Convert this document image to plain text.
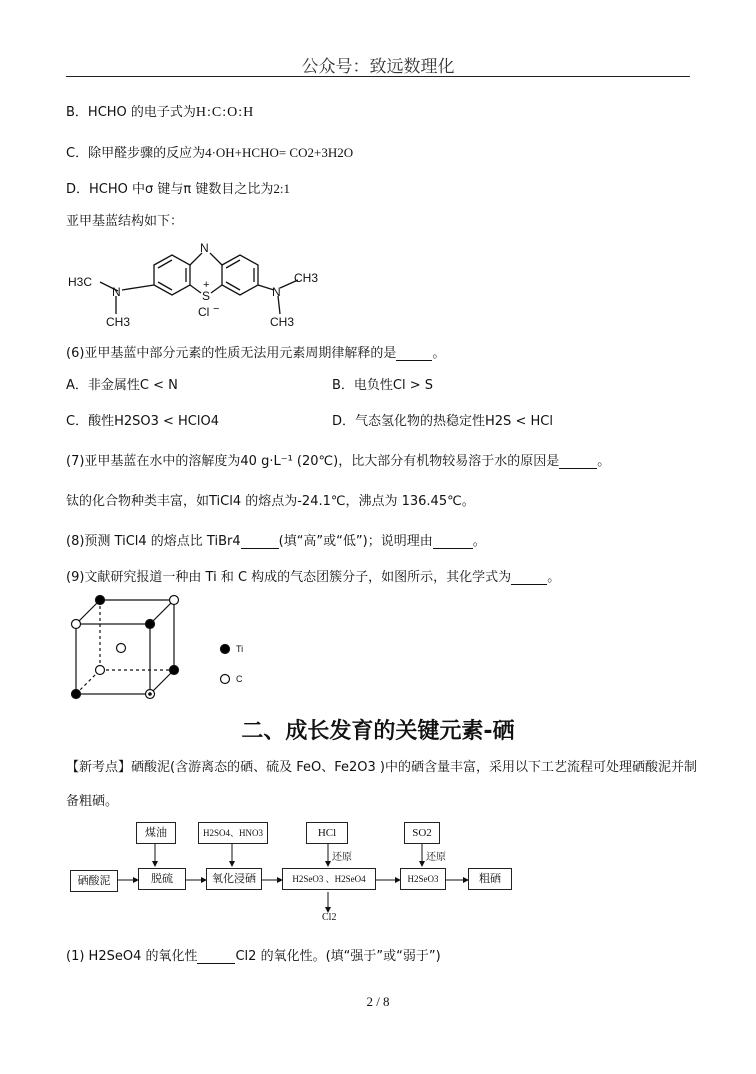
公众号：致远数理化
B．HCHO 的电子式为H:C:O:H
C．除甲醛步骤的反应为4·OH+HCHO= CO2+3H2O
D．HCHO 中σ 键与π 键数目之比为2:1
亚甲基蓝结构如下：
N
S
+
Cl −
H3C
N
CH3
N
CH3
CH3
(6)亚甲基蓝中部分元素的性质无法用元素周期律解释的是	。
A．非金属性C < N	B．电负性Cl > S
C．酸性H2SO3 < HClO4	D．气态氢化物的热稳定性H2S < HCl
(7)亚甲基蓝在水中的溶解度为40 g·L⁻¹ (20℃)，比大部分有机物较易溶于水的原因是	。
钛的化合物种类丰富，如TiCl4 的熔点为-24.1℃，沸点为 136.45℃。
(8)预测 TiCl4 的熔点比 TiBr4	(填“高”或“低”)；说明理由	。
(9)文献研究报道一种由 Ti 和 C 构成的气态团簇分子，如图所示，其化学式为	。
Ti
C
二、成长发育的关键元素-硒
【新考点】硒酸泥(含游离态的硒、硫及 FeO、Fe2O3 )中的硒含量丰富，采用以下工艺流程可处理硒酸泥并制
备粗硒。
煤油	H2SO4、HNO3	HCl	SO2
硒酸泥	脱硫	氧化浸硒	H2SeO3 、H2SeO4	H2SeO3	粗硒
还原	还原
Cl2
(1) H2SeO4 的氧化性	Cl2 的氧化性。(填“强于”或“弱于”)
2 / 8
